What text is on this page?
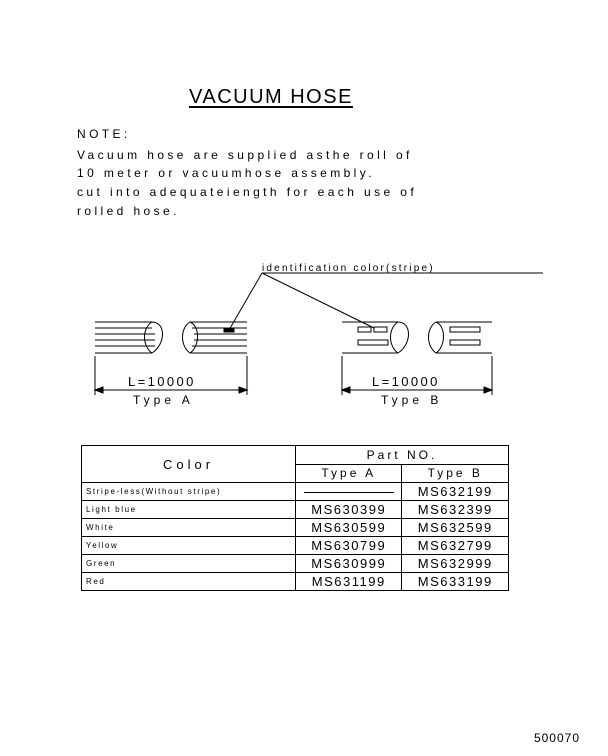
VACUUM HOSE
NOTE:
Vacuum hose are supplied asthe roll of
10 meter or vacuumhose assembly.
cut into adequateiength for each use of
rolled hose.
identification color(stripe)
L=10000
Type A
L=10000
Type B
Color	Part NO.	
	Type A	Type B
Stripe-less(Without stripe)		MS632199
Light blue	MS630399	MS632399
White	MS630599	MS632599
Yellow	MS630799	MS632799
Green	MS630999	MS632999
Red	MS631199	MS633199
500070
